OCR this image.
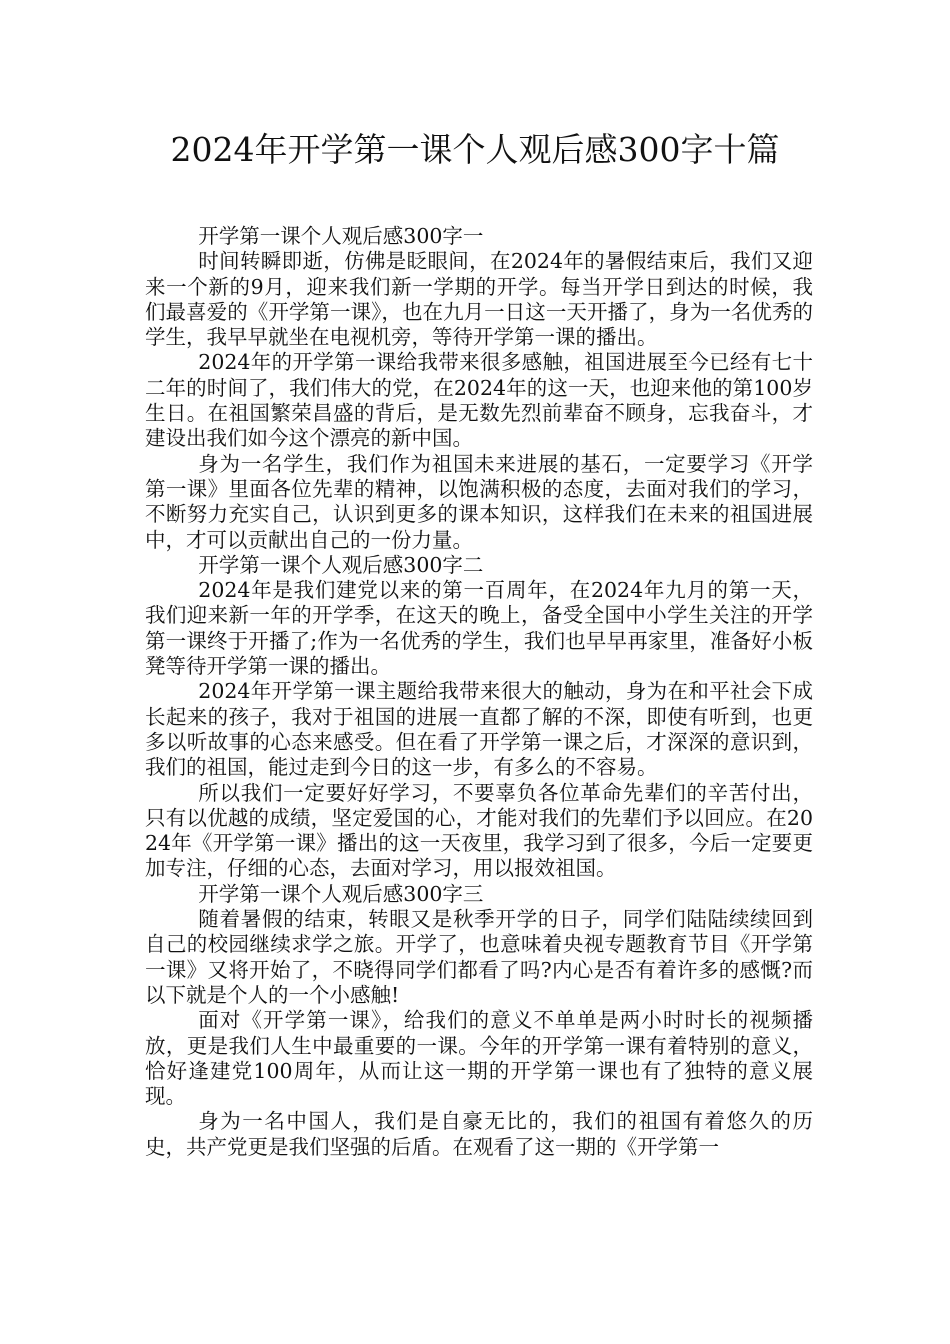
2024年开学第一课个人观后感300字十篇

开学第一课个人观后感300字一

时间转瞬即逝，仿佛是眨眼间，在2024年的暑假结束后，我们又迎来一个新的9月，迎来我们新一学期的开学。每当开学日到达的时候，我们最喜爱的《开学第一课》，也在九月一日这一天开播了，身为一名优秀的学生，我早早就坐在电视机旁，等待开学第一课的播出。

2024年的开学第一课给我带来很多感触，祖国进展至今已经有七十二年的时间了，我们伟大的党，在2024年的这一天，也迎来他的第100岁生日。在祖国繁荣昌盛的背后，是无数先烈前辈奋不顾身，忘我奋斗，才建设出我们如今这个漂亮的新中国。

身为一名学生，我们作为祖国未来进展的基石，一定要学习《开学第一课》里面各位先辈的精神，以饱满积极的态度，去面对我们的学习，不断努力充实自己，认识到更多的课本知识，这样我们在未来的祖国进展中，才可以贡献出自己的一份力量。

开学第一课个人观后感300字二

2024年是我们建党以来的第一百周年，在2024年九月的第一天，我们迎来新一年的开学季，在这天的晚上，备受全国中小学生关注的开学第一课终于开播了;作为一名优秀的学生，我们也早早再家里，准备好小板凳等待开学第一课的播出。

2024年开学第一课主题给我带来很大的触动，身为在和平社会下成长起来的孩子，我对于祖国的进展一直都了解的不深，即使有听到，也更多以听故事的心态来感受。但在看了开学第一课之后，才深深的意识到，我们的祖国，能过走到今日的这一步，有多么的不容易。

所以我们一定要好好学习，不要辜负各位革命先辈们的辛苦付出，只有以优越的成绩，坚定爱国的心，才能对我们的先辈们予以回应。在2024年《开学第一课》播出的这一天夜里，我学习到了很多，今后一定要更加专注，仔细的心态，去面对学习，用以报效祖国。

开学第一课个人观后感300字三

随着暑假的结束，转眼又是秋季开学的日子，同学们陆陆续续回到自己的校园继续求学之旅。开学了，也意味着央视专题教育节目《开学第一课》又将开始了，不晓得同学们都看了吗?内心是否有着许多的感慨?而以下就是个人的一个小感触!

面对《开学第一课》，给我们的意义不单单是两小时时长的视频播放，更是我们人生中最重要的一课。今年的开学第一课有着特别的意义，恰好逢建党100周年，从而让这一期的开学第一课也有了独特的意义展现。

身为一名中国人，我们是自豪无比的，我们的祖国有着悠久的历史，共产党更是我们坚强的后盾。在观看了这一期的《开学第一
